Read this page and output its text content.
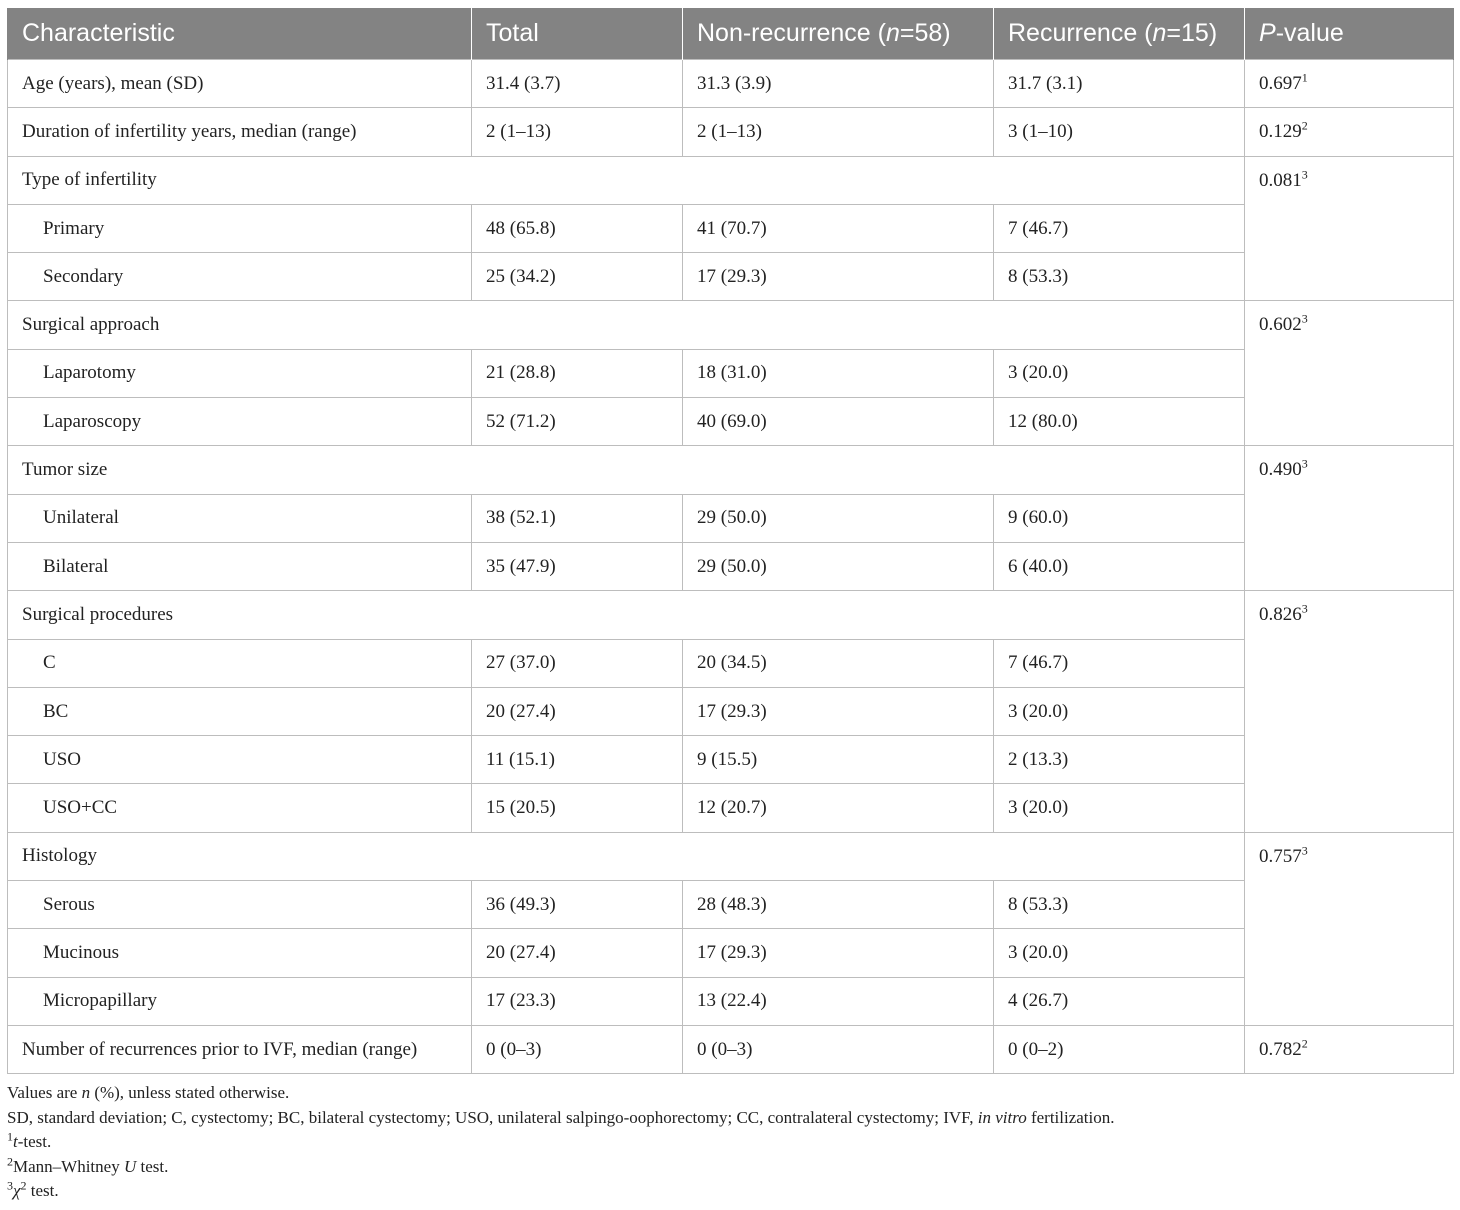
Characteristic	Total	Non-recurrence (n=58)	Recurrence (n=15)	P-value
Age (years), mean (SD)	31.4 (3.7)	31.3 (3.9)	31.7 (3.1)	0.697$^1$
Duration of infertility years, median (range)	2 (1–13)	2 (1–13)	3 (1–10)	0.129$^2$
Type of infertility				0.081$^3$
Primary	48 (65.8)	41 (70.7)	7 (46.7)	
Secondary	25 (34.2)	17 (29.3)	8 (53.3)	
Surgical approach				0.602$^3$
Laparotomy	21 (28.8)	18 (31.0)	3 (20.0)	
Laparoscopy	52 (71.2)	40 (69.0)	12 (80.0)	
Tumor size				0.490$^3$
Unilateral	38 (52.1)	29 (50.0)	9 (60.0)	
Bilateral	35 (47.9)	29 (50.0)	6 (40.0)	
Surgical procedures				0.826$^3$
C	27 (37.0)	20 (34.5)	7 (46.7)	
BC	20 (27.4)	17 (29.3)	3 (20.0)	
USO	11 (15.1)	9 (15.5)	2 (13.3)	
USO+CC	15 (20.5)	12 (20.7)	3 (20.0)	
Histology				0.757$^3$
Serous	36 (49.3)	28 (48.3)	8 (53.3)	
Mucinous	20 (27.4)	17 (29.3)	3 (20.0)	
Micropapillary	17 (23.3)	13 (22.4)	4 (26.7)	
Number of recurrences prior to IVF, median (range)	0 (0–3)	0 (0–3)	0 (0–2)	0.782$^2$
Values are n (%), unless stated otherwise.
SD, standard deviation; C, cystectomy; BC, bilateral cystectomy; USO, unilateral salpingo-oophorectomy; CC, contralateral cystectomy; IVF, in vitro fertilization.
$^1$t-test.
$^2$Mann–Whitney U test.
$^3\chi^2$ test.
